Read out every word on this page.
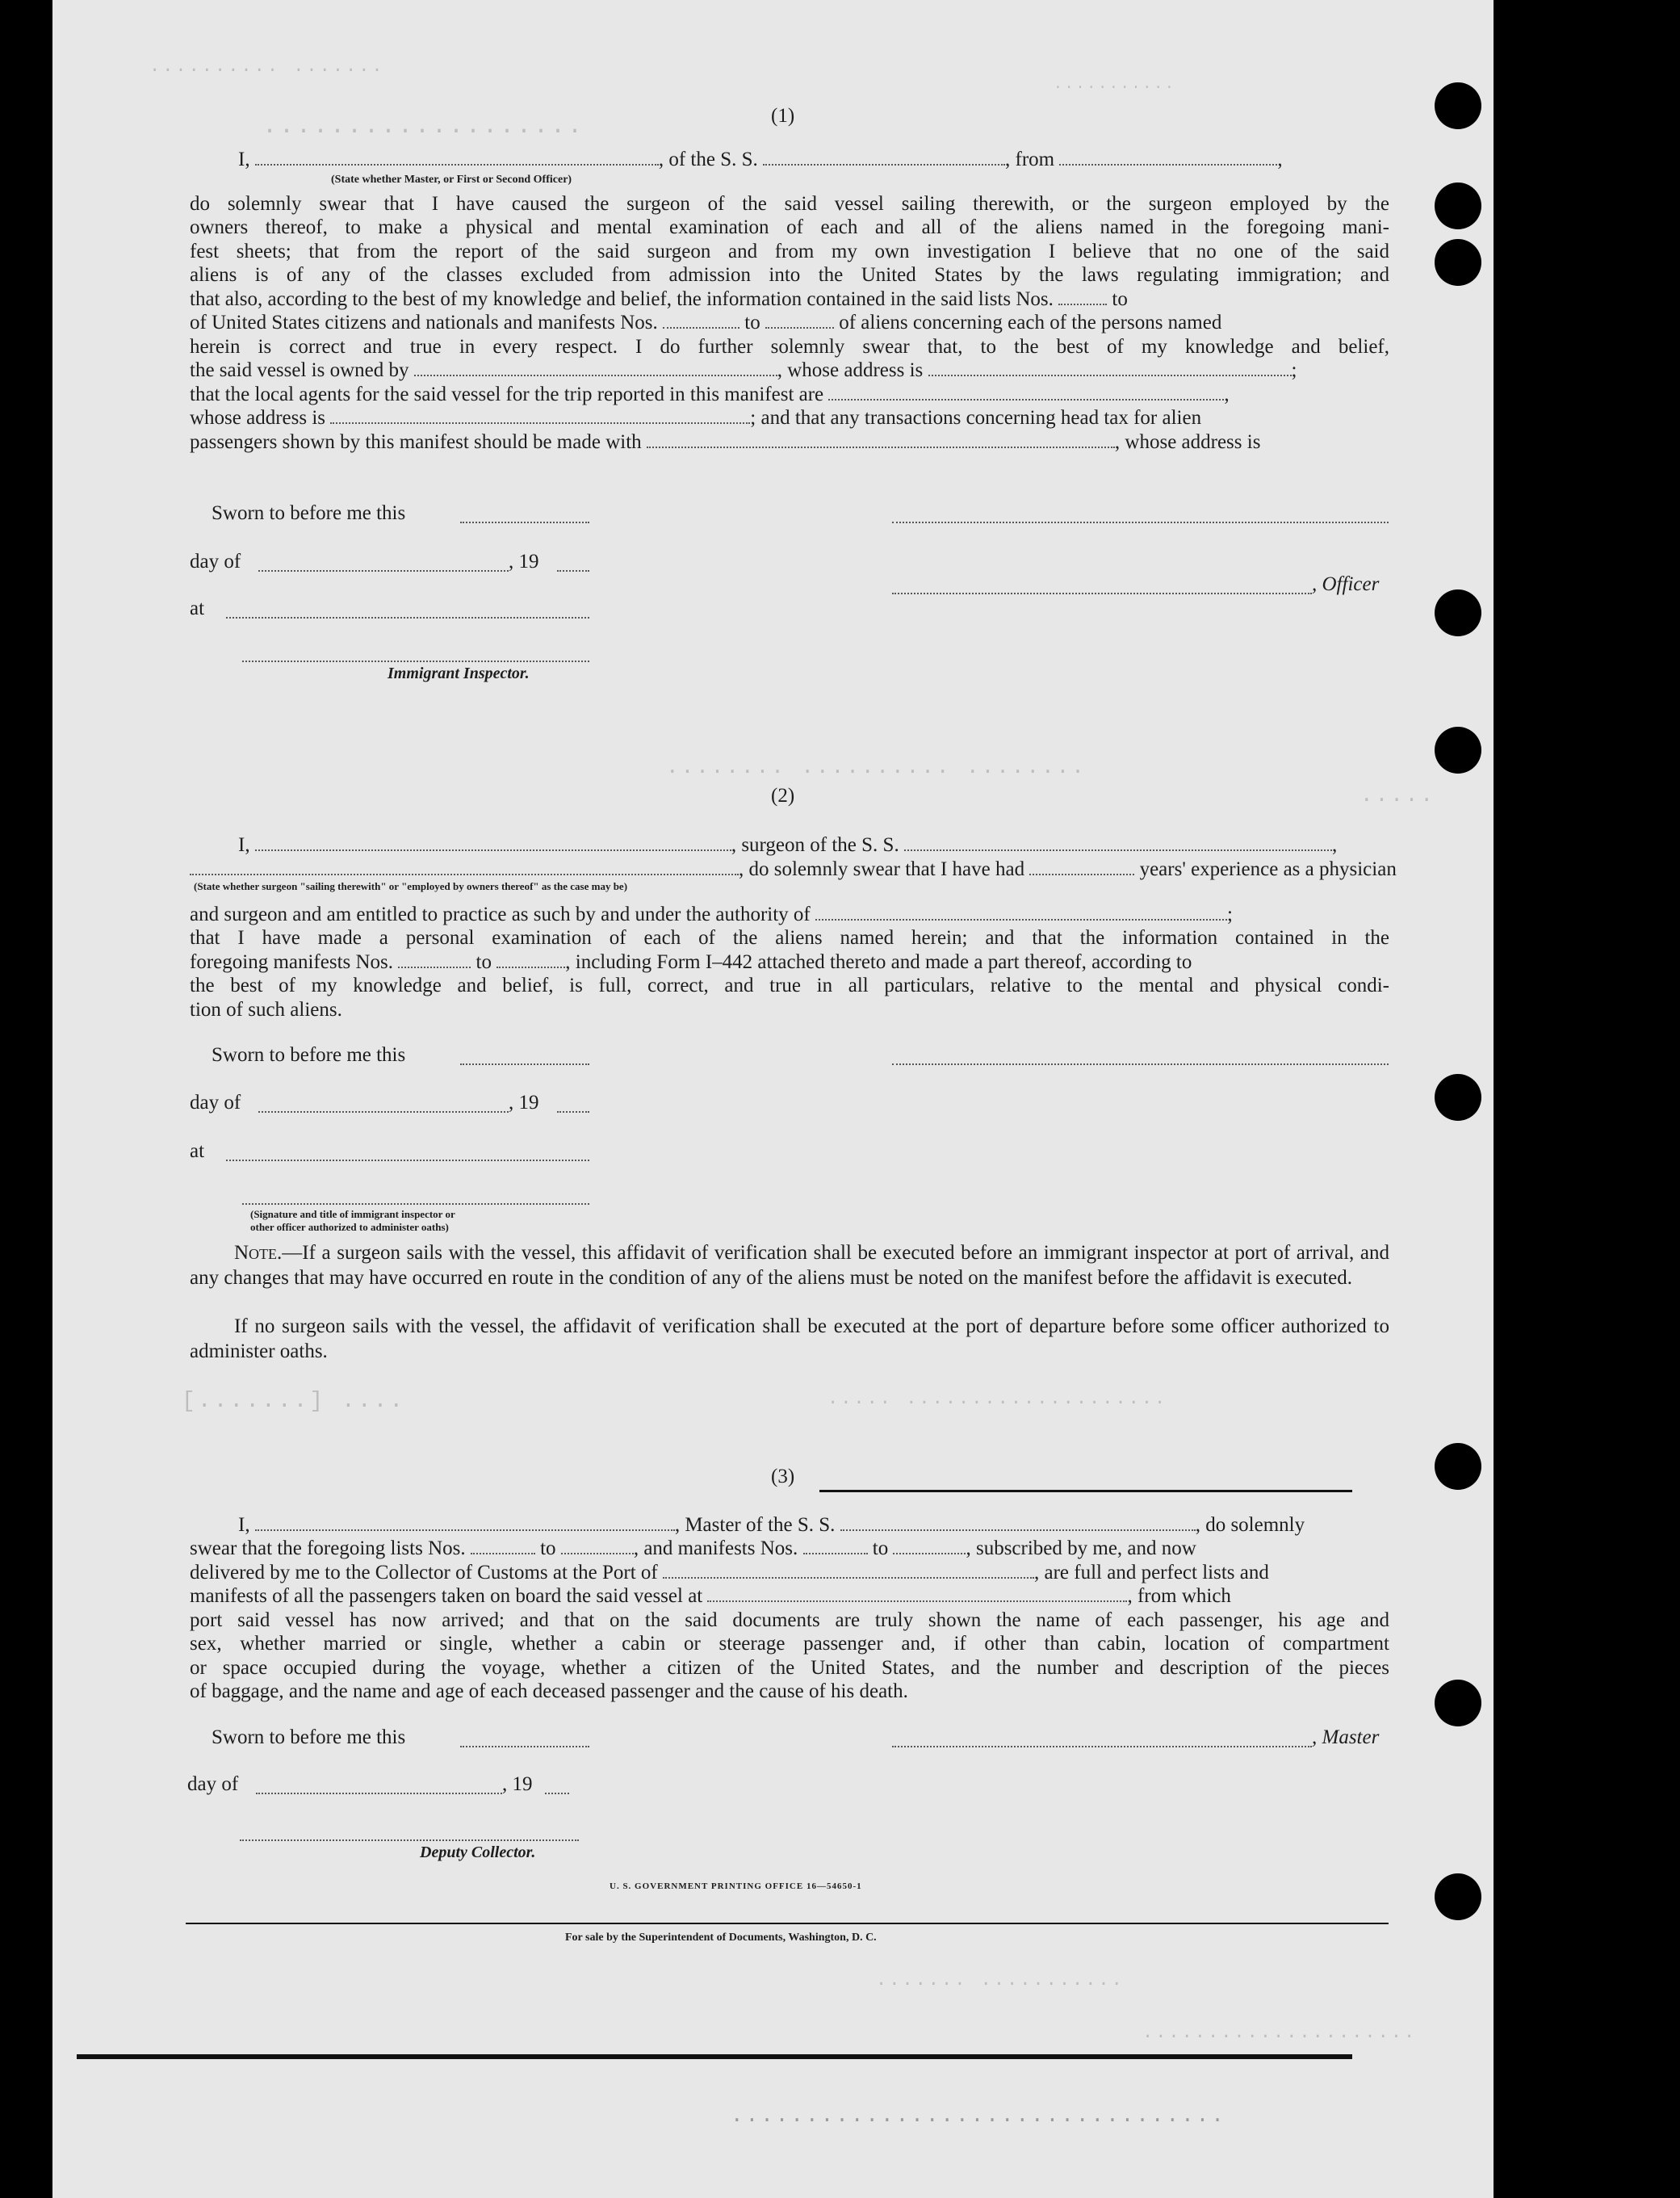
.......... .......
...........
...................	(1)
I,	, of the S. S.	, from	,
(State whether Master, or First or Second Officer)
do solemnly swear that I have caused the surgeon of the said vessel sailing therewith, or the surgeon employed by the
owners thereof, to make a physical and mental examination of each and all of the aliens named in the foregoing mani-
fest sheets; that from the report of the said surgeon and from my own investigation I believe that no one of the said
aliens is of any of the classes excluded from admission into the United States by the laws regulating immigration; and
that also, according to the best of my knowledge and belief, the information contained in the said lists Nos.	to
of United States citizens and nationals and manifests Nos.	to	of aliens concerning each of the persons named
herein is correct and true in every respect. I do further solemnly swear that, to the best of my knowledge and belief,
the said vessel is owned by	, whose address is	;
that the local agents for the said vessel for the trip reported in this manifest are	,
whose address is	; and that any transactions concerning head tax for alien
passengers shown by this manifest should be made with	, whose address is
Sworn to before me this
day of	, 19
, Officer
at
Immigrant Inspector.
........ .......... ........
.....
(2)
I,	, surgeon of the S. S.	,
, do solemnly swear that I have had	years' experience as a physician
(State whether surgeon "sailing therewith" or "employed by owners thereof" as the case may be)
and surgeon and am entitled to practice as such by and under the authority of	;
that I have made a personal examination of each of the aliens named herein; and that the information contained in the
foregoing manifests Nos.	to	, including Form I–442 attached thereto and made a part thereof, according to
the best of my knowledge and belief, is full, correct, and true in all particulars, relative to the mental and physical condi-
tion of such aliens.
Sworn to before me this
day of	, 19
at
(Signature and title of immigrant inspector or
other officer authorized to administer oaths)
Note.—If a surgeon sails with the vessel, this affidavit of verification shall be executed before an immigrant inspector at port of arrival, and any changes that may have occurred en route in the condition of any of the aliens must be noted on the manifest before the affidavit is executed.
If no surgeon sails with the vessel, the affidavit of verification shall be executed at the port of departure before some officer authorized to administer oaths.
[.......] ....	..... ....................
(3)
I,	, Master of the S. S.	, do solemnly
swear that the foregoing lists Nos.	to	, and manifests Nos.	to	, subscribed by me, and now
delivered by me to the Collector of Customs at the Port of	, are full and perfect lists and
manifests of all the passengers taken on board the said vessel at	, from which
port said vessel has now arrived; and that on the said documents are truly shown the name of each passenger, his age and
sex, whether married or single, whether a cabin or steerage passenger and, if other than cabin, location of compartment
or space occupied during the voyage, whether a citizen of the United States, and the number and description of the pieces
of baggage, and the name and age of each deceased passenger and the cause of his death.
Sworn to before me this	, Master
day of	, 19
Deputy Collector.
U. S. GOVERNMENT PRINTING OFFICE 16—54650-1
For sale by the Superintendent of Documents, Washington, D. C.
....... ...........
.....................
.................................
